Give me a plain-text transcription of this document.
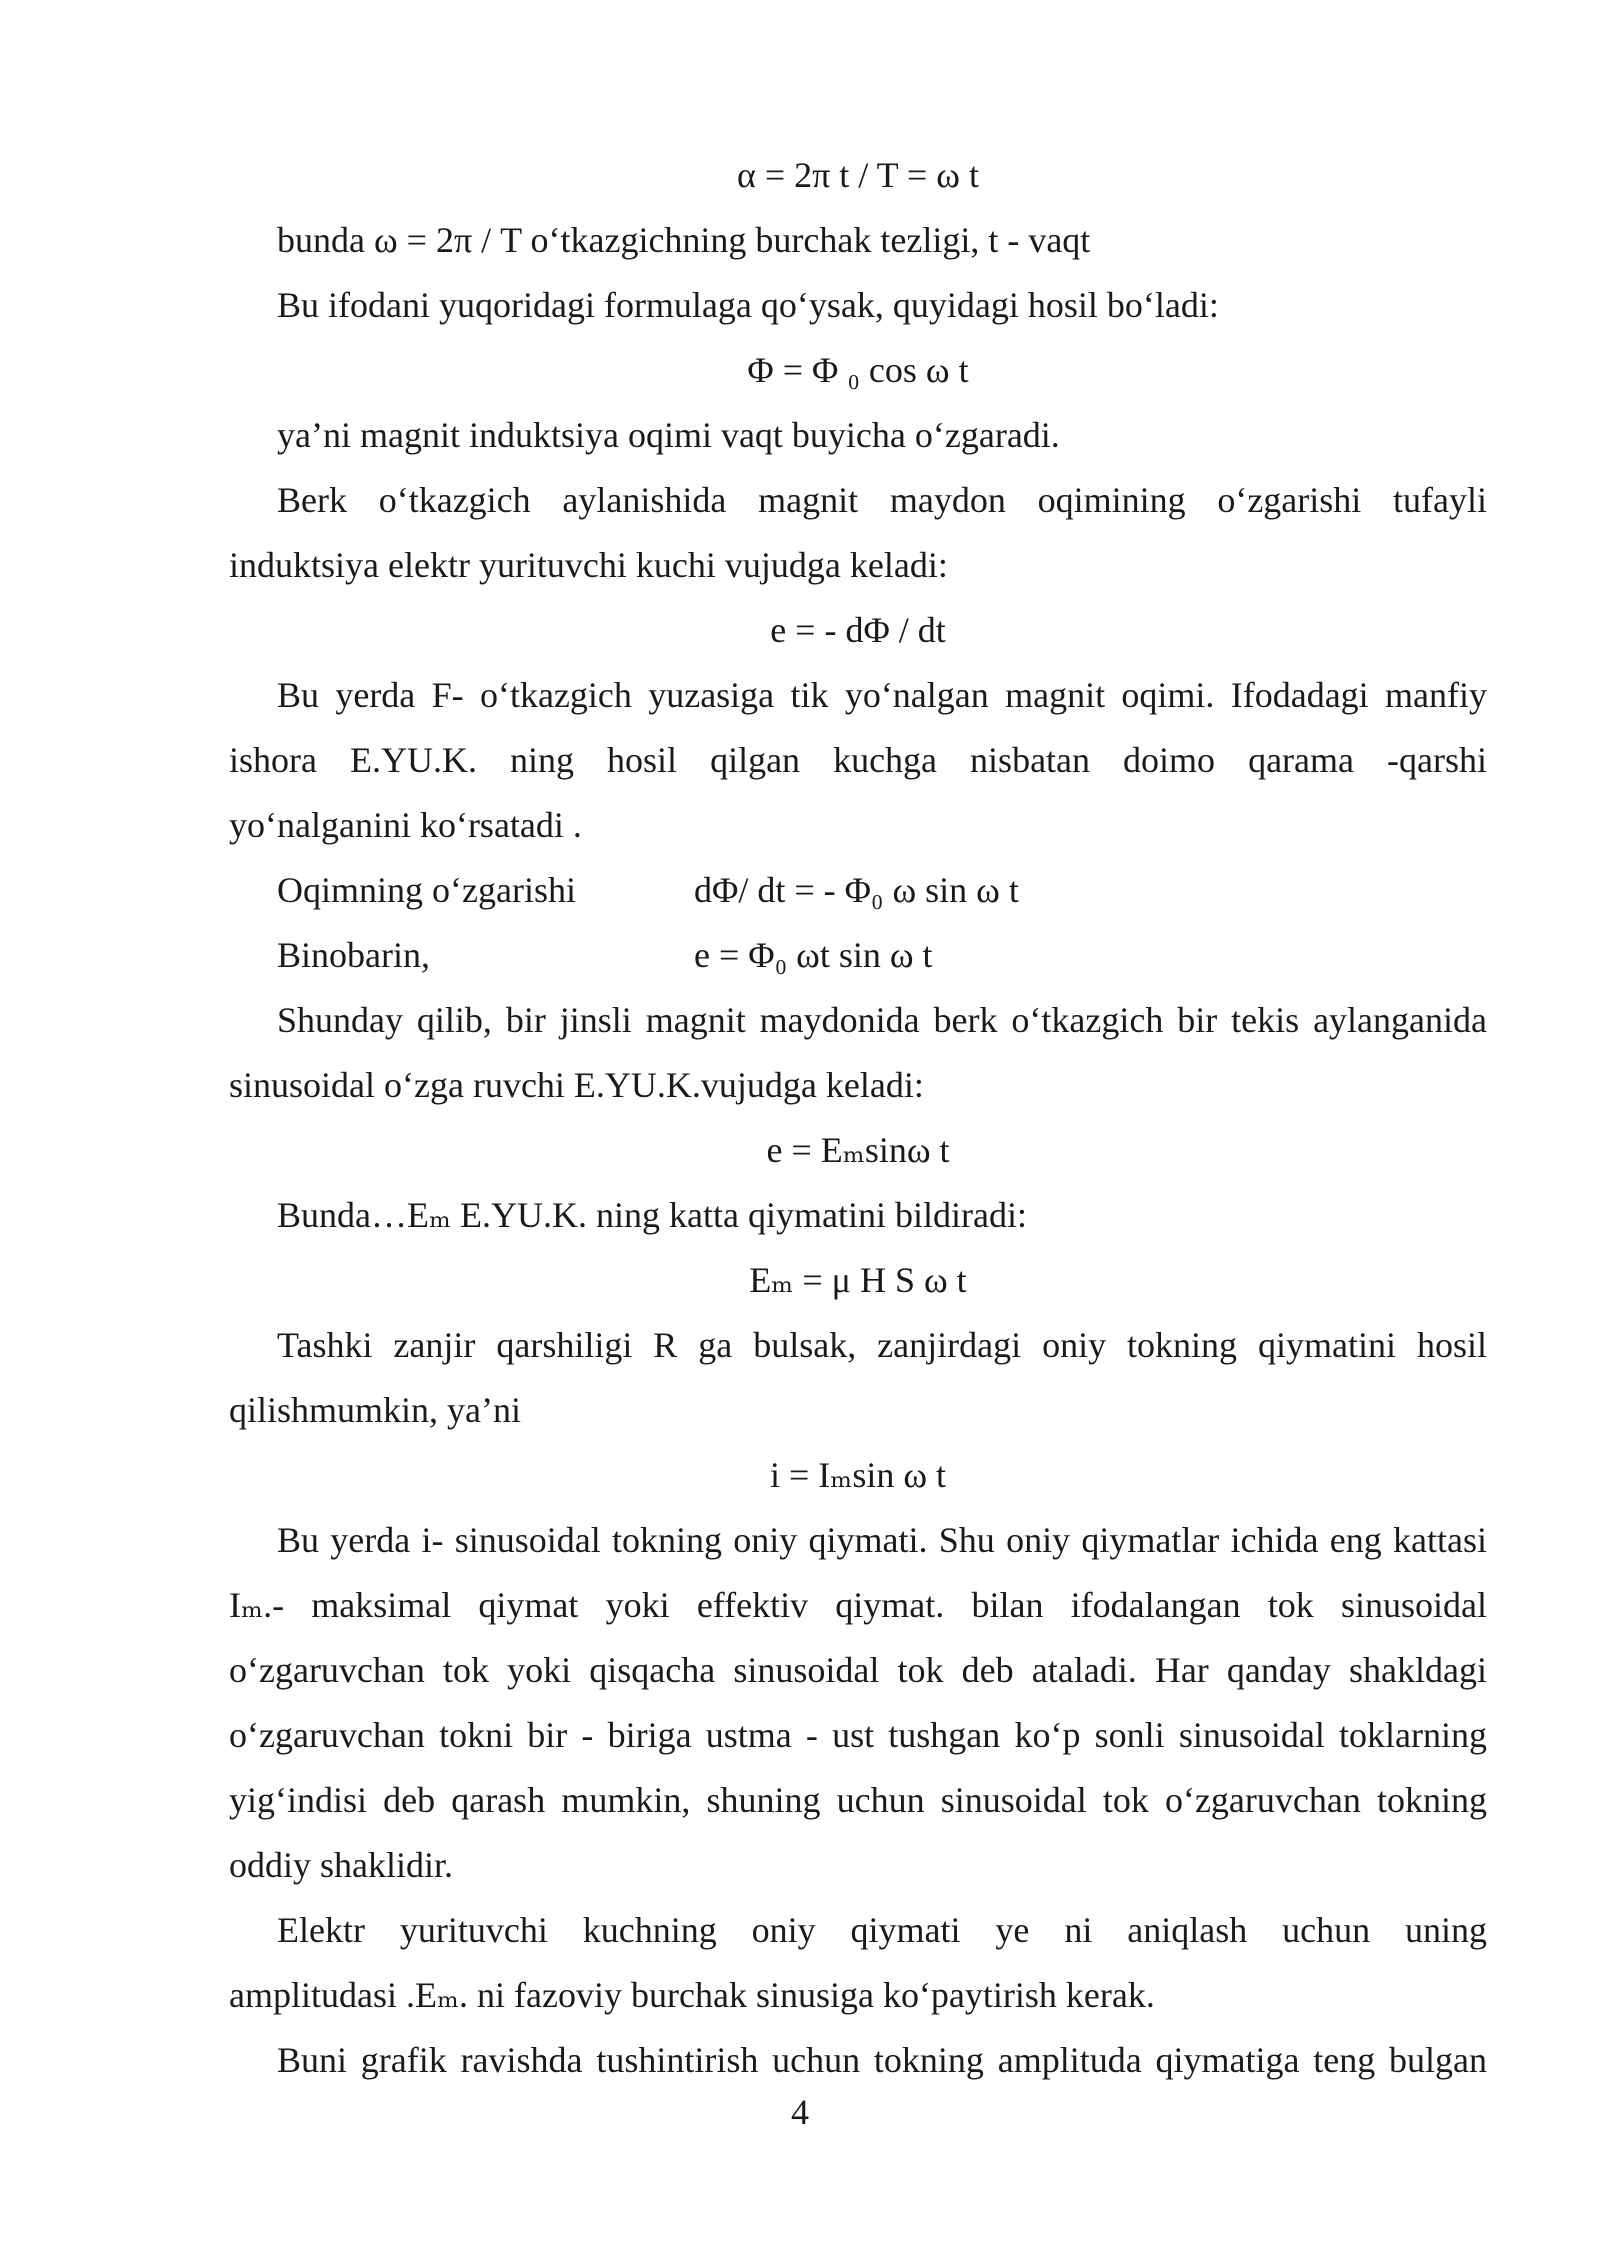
α = 2π t / T = ω t
bunda ω = 2π / T o‘tkazgichning burchak tezligi, t - vaqt
Bu ifodani yuqoridagi formulaga qo‘ysak, quyidagi hosil bo‘ladi:
Φ = Φ ₀ cos ω t
ya’ni magnit induktsiya oqimi vaqt buyicha o‘zgaradi.
Berk o‘tkazgich aylanishida magnit maydon oqimining o‘zgarishi tufayli
induktsiya elektr yurituvchi kuchi vujudga keladi:
e = - dΦ / dt
Bu yerda F- o‘tkazgich yuzasiga tik yo‘nalgan magnit oqimi. Ifodadagi manfiy
ishora E.YU.K. ning hosil qilgan kuchga nisbatan doimo qarama -qarshi
yo‘nalganini ko‘rsatadi .
Oqimning o‘zgarishi	dΦ/ dt = - Φ₀ ω sin ω t
Binobarin,	e = Φ₀ ωt sin ω t
Shunday qilib, bir jinsli magnit maydonida berk o‘tkazgich bir tekis aylanganida
sinusoidal o‘zga ruvchi E.YU.K.vujudga keladi:
e = Eₘsinω t
Bunda…Eₘ E.YU.K. ning katta qiymatini bildiradi:
Eₘ = μ H S ω t
Tashki zanjir qarshiligi R ga bulsak, zanjirdagi oniy tokning qiymatini hosil
qilishmumkin, ya’ni
i = Iₘsin ω t
Bu yerda i- sinusoidal tokning oniy qiymati. Shu oniy qiymatlar ichida eng kattasi
Iₘ.- maksimal qiymat yoki effektiv qiymat. bilan ifodalangan tok sinusoidal
o‘zgaruvchan tok yoki qisqacha sinusoidal tok deb ataladi. Har qanday shakldagi
o‘zgaruvchan tokni bir - biriga ustma - ust tushgan ko‘p sonli sinusoidal toklarning
yig‘indisi deb qarash mumkin, shuning uchun sinusoidal tok o‘zgaruvchan tokning
oddiy shaklidir.
Elektr yurituvchi kuchning oniy qiymati ye ni aniqlash uchun uning
amplitudasi .Eₘ. ni fazoviy burchak sinusiga ko‘paytirish kerak.
Buni grafik ravishda tushintirish uchun tokning amplituda qiymatiga teng bulgan
4
